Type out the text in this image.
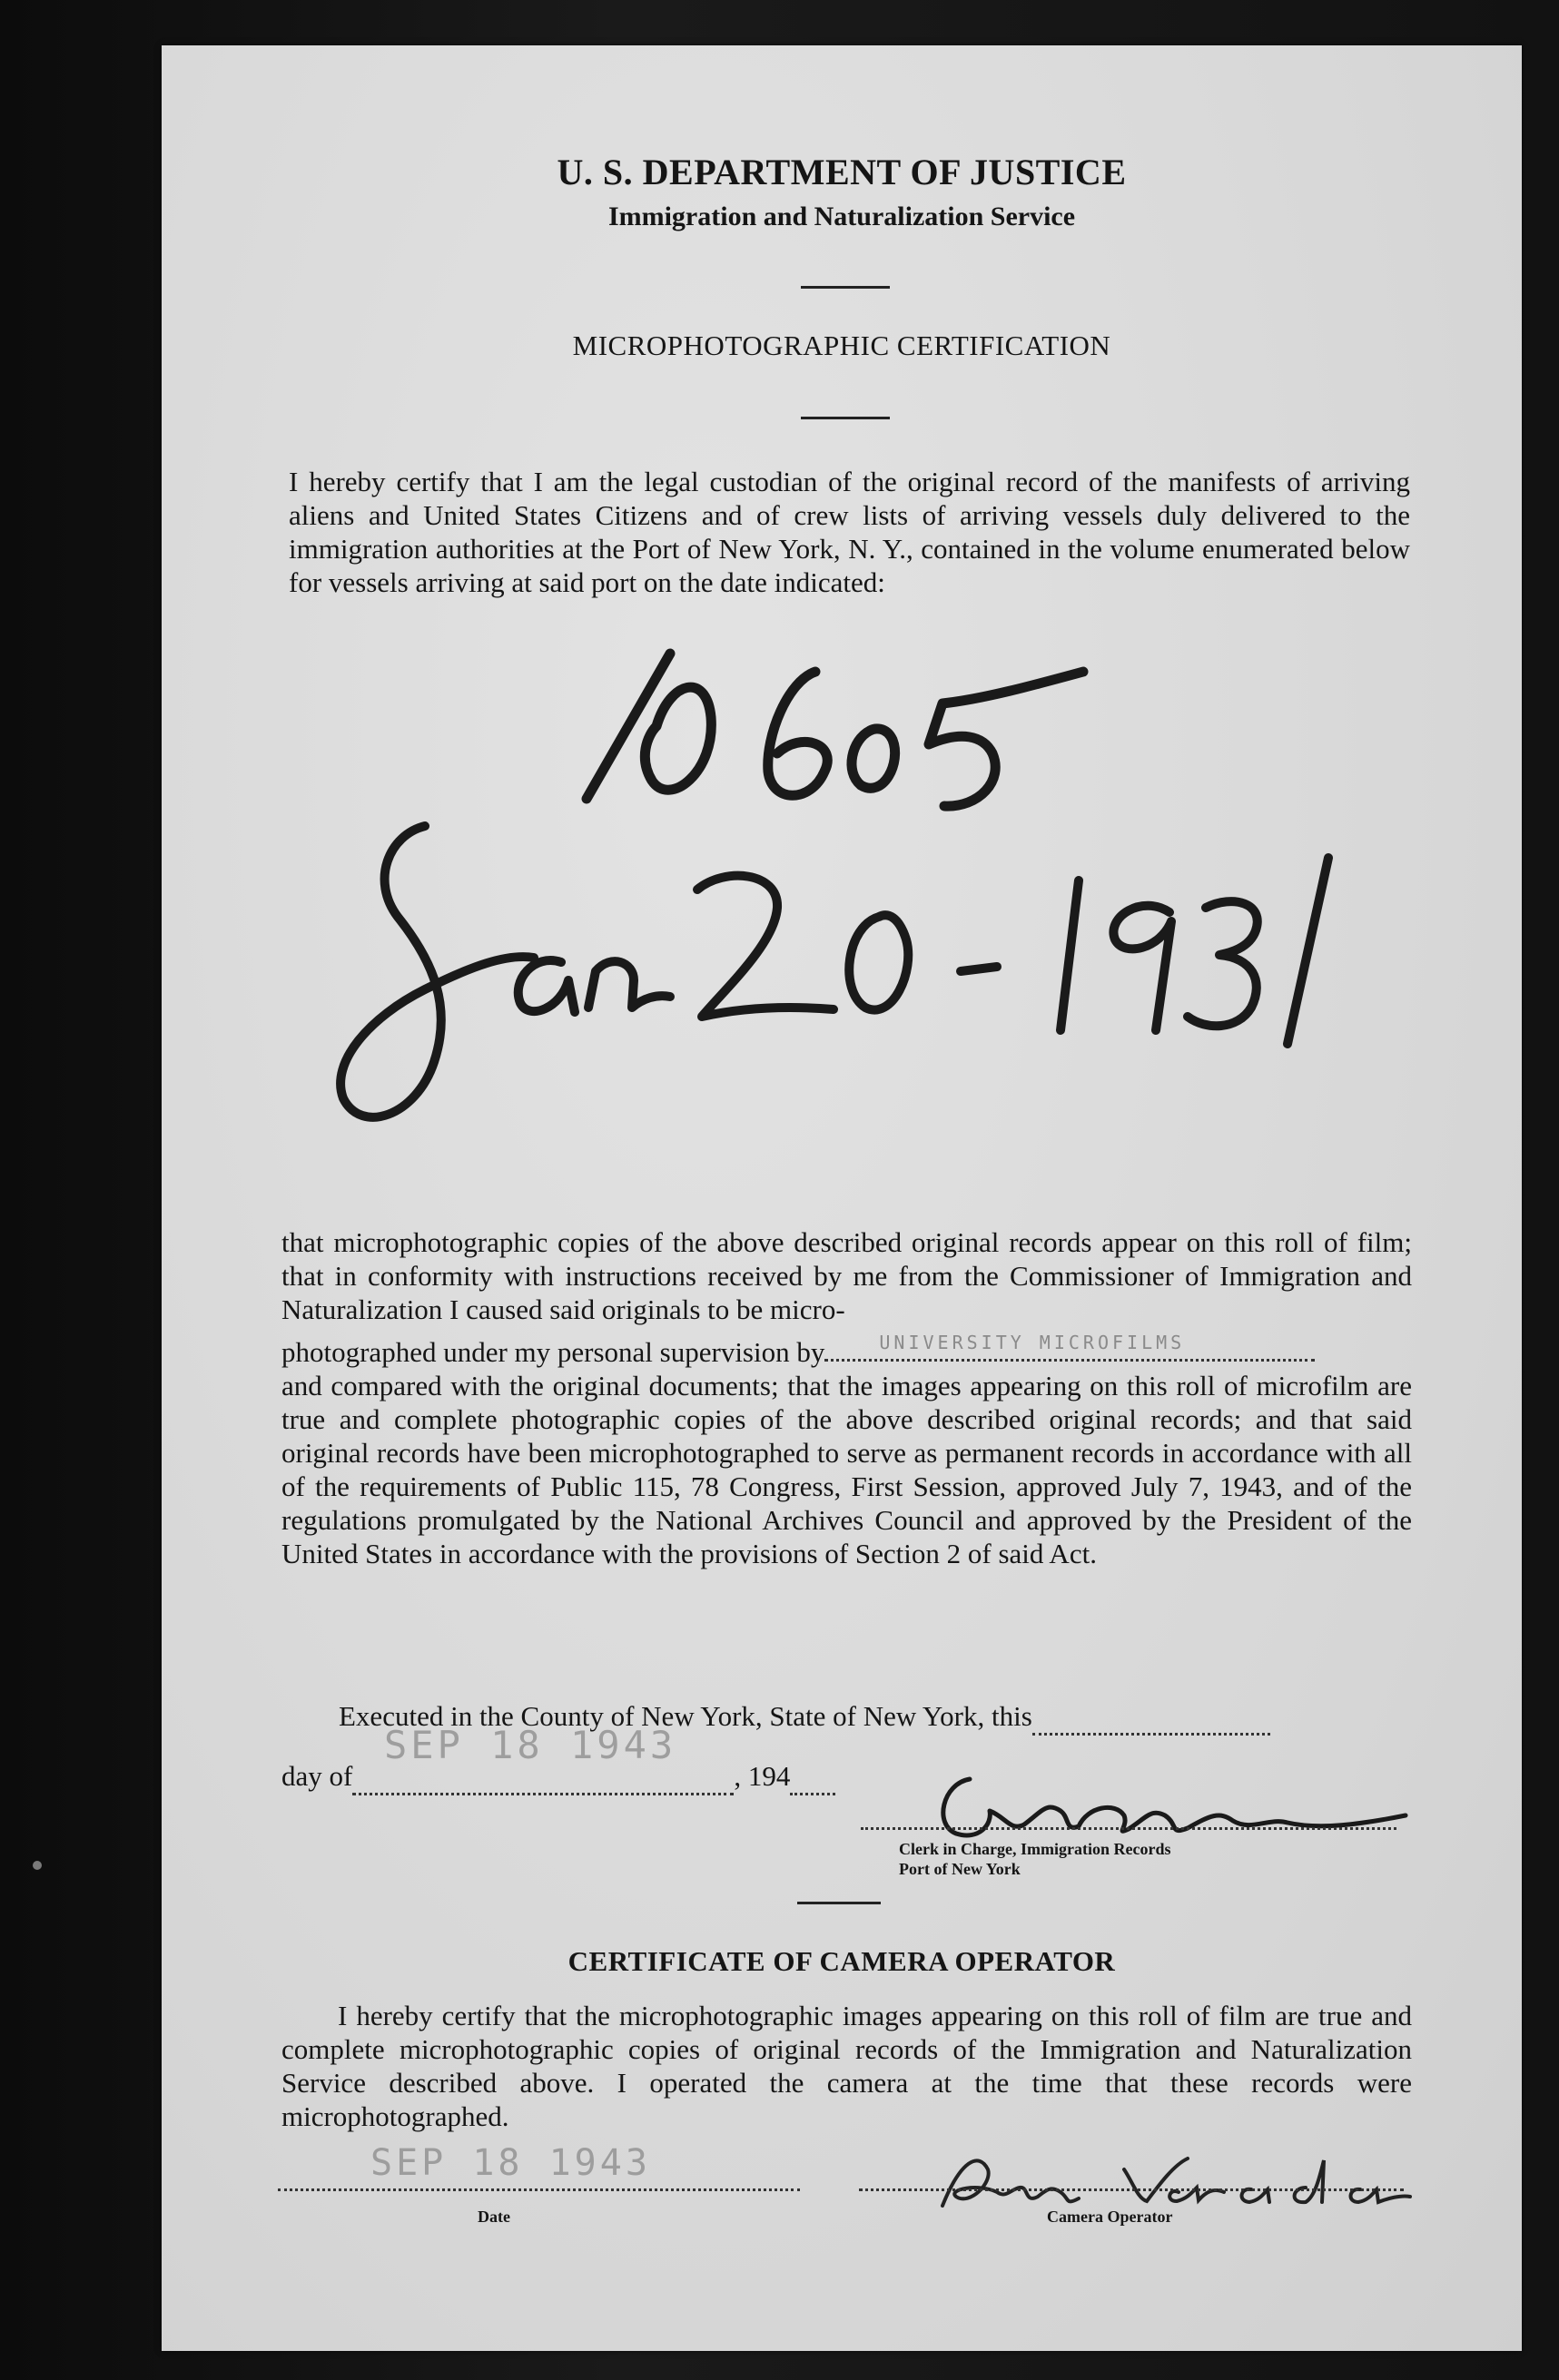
U. S. DEPARTMENT OF JUSTICE
Immigration and Naturalization Service
MICROPHOTOGRAPHIC CERTIFICATION

I hereby certify that I am the legal custodian of the original record of the manifests of arriving aliens and United States Citizens and of crew lists of arriving vessels duly delivered to the immigration authorities at the Port of New York, N. Y., contained in the volume enumerated below for vessels arriving at said port on the date indicated:

that microphotographic copies of the above described original records appear on this roll of film; that in conformity with instructions received by me from the Commissioner of Immigration and Naturalization I caused said originals to be micro-

photographed under my personal supervision by	UNIVERSITY MICROFILMS

and compared with the original documents; that the images appearing on this roll of microfilm are true and complete photographic copies of the above described original records; and that said original records have been microphotographed to serve as permanent records in accordance with all of the requirements of Public 115, 78 Congress, First Session, approved July 7, 1943, and of the regulations promulgated by the National Archives Council and approved by the President of the United States in accordance with the provisions of Section 2 of said Act.

Executed in the County of New York, State of New York, this
SEP 18 1943
day of	, 194
Clerk in Charge, Immigration Records
Port of New York
CERTIFICATE OF CAMERA OPERATOR

I hereby certify that the microphotographic images appearing on this roll of film are true and complete microphotographic copies of original records of the Immigration and Naturalization Service described above. I operated the camera at the time that these records were microphotographed.

SEP 18 1943
Date	Camera Operator
